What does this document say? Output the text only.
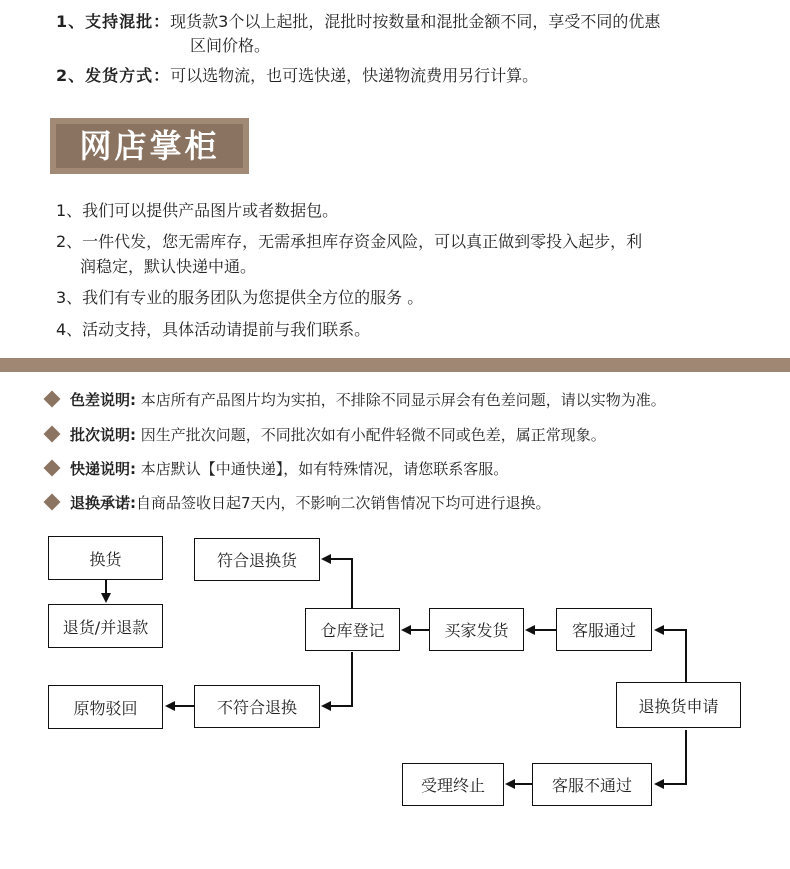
1、支持混批：现货款3个以上起批，混批时按数量和混批金额不同，享受不同的优惠
区间价格。
2、发货方式：可以选物流，也可选快递，快递物流费用另行计算。
网店掌柜
1、我们可以提供产品图片或者数据包。
2、一件代发，您无需库存，无需承担库存资金风险，可以真正做到零投入起步，利
润稳定，默认快递中通。
3、我们有专业的服务团队为您提供全方位的服务 。
4、活动支持，具体活动请提前与我们联系。
色差说明: 本店所有产品图片均为实拍，不排除不同显示屏会有色差问题，请以实物为准。
批次说明: 因生产批次问题，不同批次如有小配件轻微不同或色差，属正常现象。
快递说明: 本店默认【中通快递】，如有特殊情况，请您联系客服。
退换承诺:自商品签收日起7天内，不影响二次销售情况下均可进行退换。
换货
退货/并退款
原物驳回
符合退换货
仓库登记
不符合退换
买家发货	客服通过
退换货申请
客服不通过
受理终止
